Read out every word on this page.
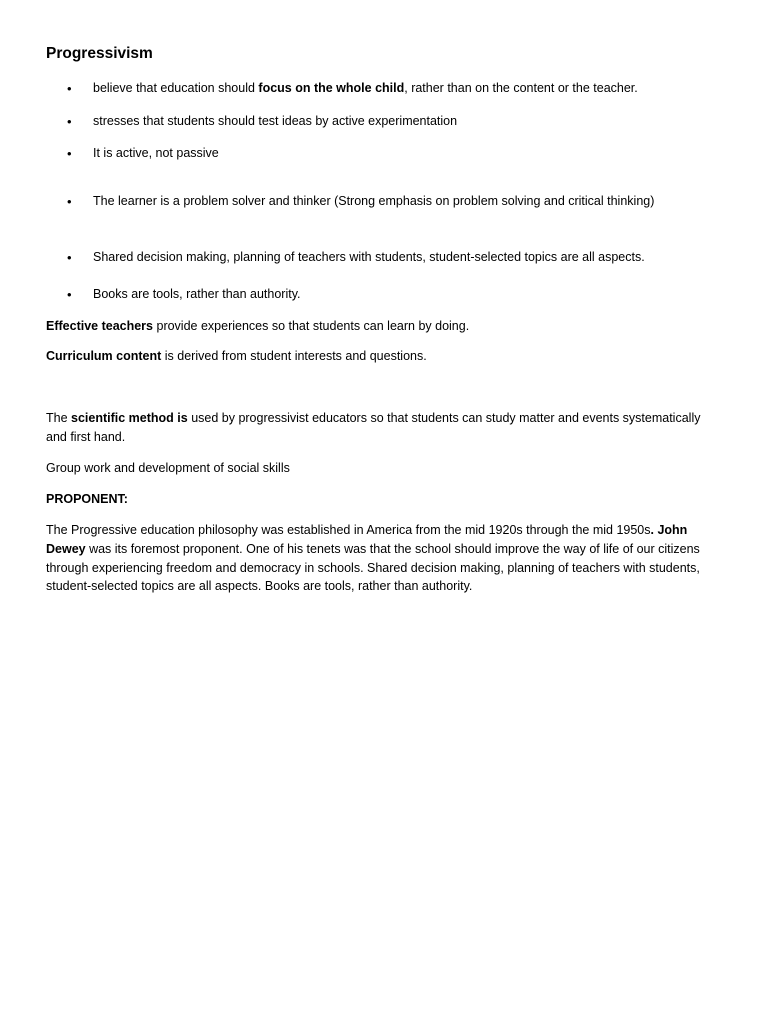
Progressivism
• believe that education should focus on the whole child, rather than on the content or the teacher.
• stresses that students should test ideas by active experimentation
• It is active, not passive
• The learner is a problem solver and thinker (Strong emphasis on problem solving and critical thinking)
• Shared decision making, planning of teachers with students, student-selected topics are all aspects.
• Books are tools, rather than authority.

Effective teachers provide experiences so that students can learn by doing.

Curriculum content is derived from student interests and questions.

The scientific method is used by progressivist educators so that students can study matter and events systematically and first hand.

Group work and development of social skills

PROPONENT:

The Progressive education philosophy was established in America from the mid 1920s through the mid 1950s. John Dewey was its foremost proponent. One of his tenets was that the school should improve the way of life of our citizens through experiencing freedom and democracy in schools. Shared decision making, planning of teachers with students, student-selected topics are all aspects. Books are tools, rather than authority.
